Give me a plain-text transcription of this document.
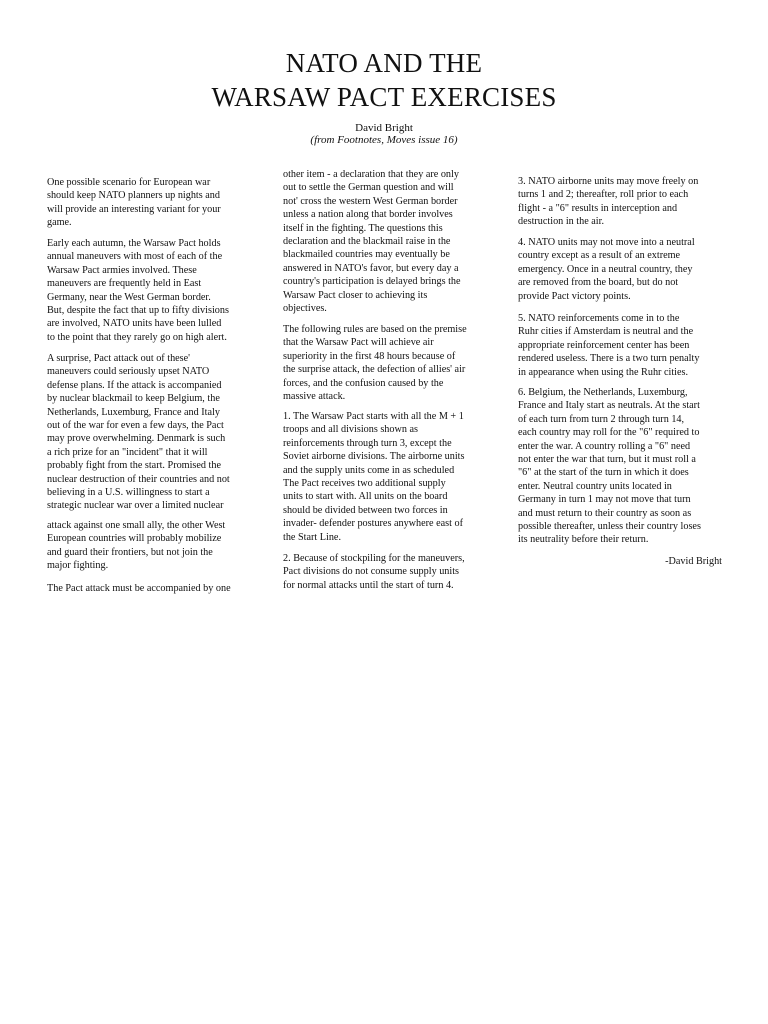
NATO AND THE
WARSAW PACT EXERCISES
David Bright
(from Footnotes, Moves issue 16)

One possible scenario for European war

should keep NATO planners up nights and

will provide an interesting variant for your

game.

Early each autumn, the Warsaw Pact holds

annual maneuvers with most of each of the

Warsaw Pact armies involved. These

maneuvers are frequently held in East

Germany, near the West German border.

But, despite the fact that up to fifty divisions

are involved, NATO units have been lulled

to the point that they rarely go on high alert.

A surprise, Pact attack out of these'

maneuvers could seriously upset NATO

defense plans. If the attack is accompanied

by nuclear blackmail to keep Belgium, the

Netherlands, Luxemburg, France and Italy

out of the war for even a few days, the Pact

may prove overwhelming. Denmark is such

a rich prize for an "incident" that it will

probably fight from the start. Promised the

nuclear destruction of their countries and not

believing in a U.S. willingness to start a

strategic nuclear war over a limited nuclear

attack against one small ally, the other West

European countries will probably mobilize

and guard their frontiers, but not join the

major fighting.

The Pact attack must be accompanied by one

other item - a declaration that they are only

out to settle the German question and will

not' cross the western West German border

unless a nation along that border involves

itself in the fighting. The questions this

declaration and the blackmail raise in the

blackmailed countries may eventually be

answered in NATO's favor, but every day a

country's participation is delayed brings the

Warsaw Pact closer to achieving its

objectives.

The following rules are based on the premise

that the Warsaw Pact will achieve air

superiority in the first 48 hours because of

the surprise attack, the defection of allies' air

forces, and the confusion caused by the

massive attack.

1. The Warsaw Pact starts with all the M + 1

troops and all divisions shown as

reinforcements through turn 3, except the

Soviet airborne divisions. The airborne units

and the supply units come in as scheduled

The Pact receives two additional supply

units to start with. All units on the board

should be divided between two forces in

invader- defender postures anywhere east of

the Start Line.

2. Because of stockpiling for the maneuvers,

Pact divisions do not consume supply units

for normal attacks until the start of turn 4.

3. NATO airborne units may move freely on

turns 1 and 2; thereafter, roll prior to each

flight - a "6" results in interception and

destruction in the air.

4. NATO units may not move into a neutral

country except as a result of an extreme

emergency. Once in a neutral country, they

are removed from the board, but do not

provide Pact victory points.

5. NATO reinforcements come in to the

Ruhr cities if Amsterdam is neutral and the

appropriate reinforcement center has been

rendered useless. There is a two turn penalty

in appearance when using the Ruhr cities.

6. Belgium, the Netherlands, Luxemburg,

France and Italy start as neutrals. At the start

of each turn from turn 2 through turn 14,

each country may roll for the "6" required to

enter the war. A country rolling a "6" need

not enter the war that turn, but it must roll a

"6" at the start of the turn in which it does

enter. Neutral country units located in

Germany in turn 1 may not move that turn

and must return to their country as soon as

possible thereafter, unless their country loses

its neutrality before their return.

-David Bright
